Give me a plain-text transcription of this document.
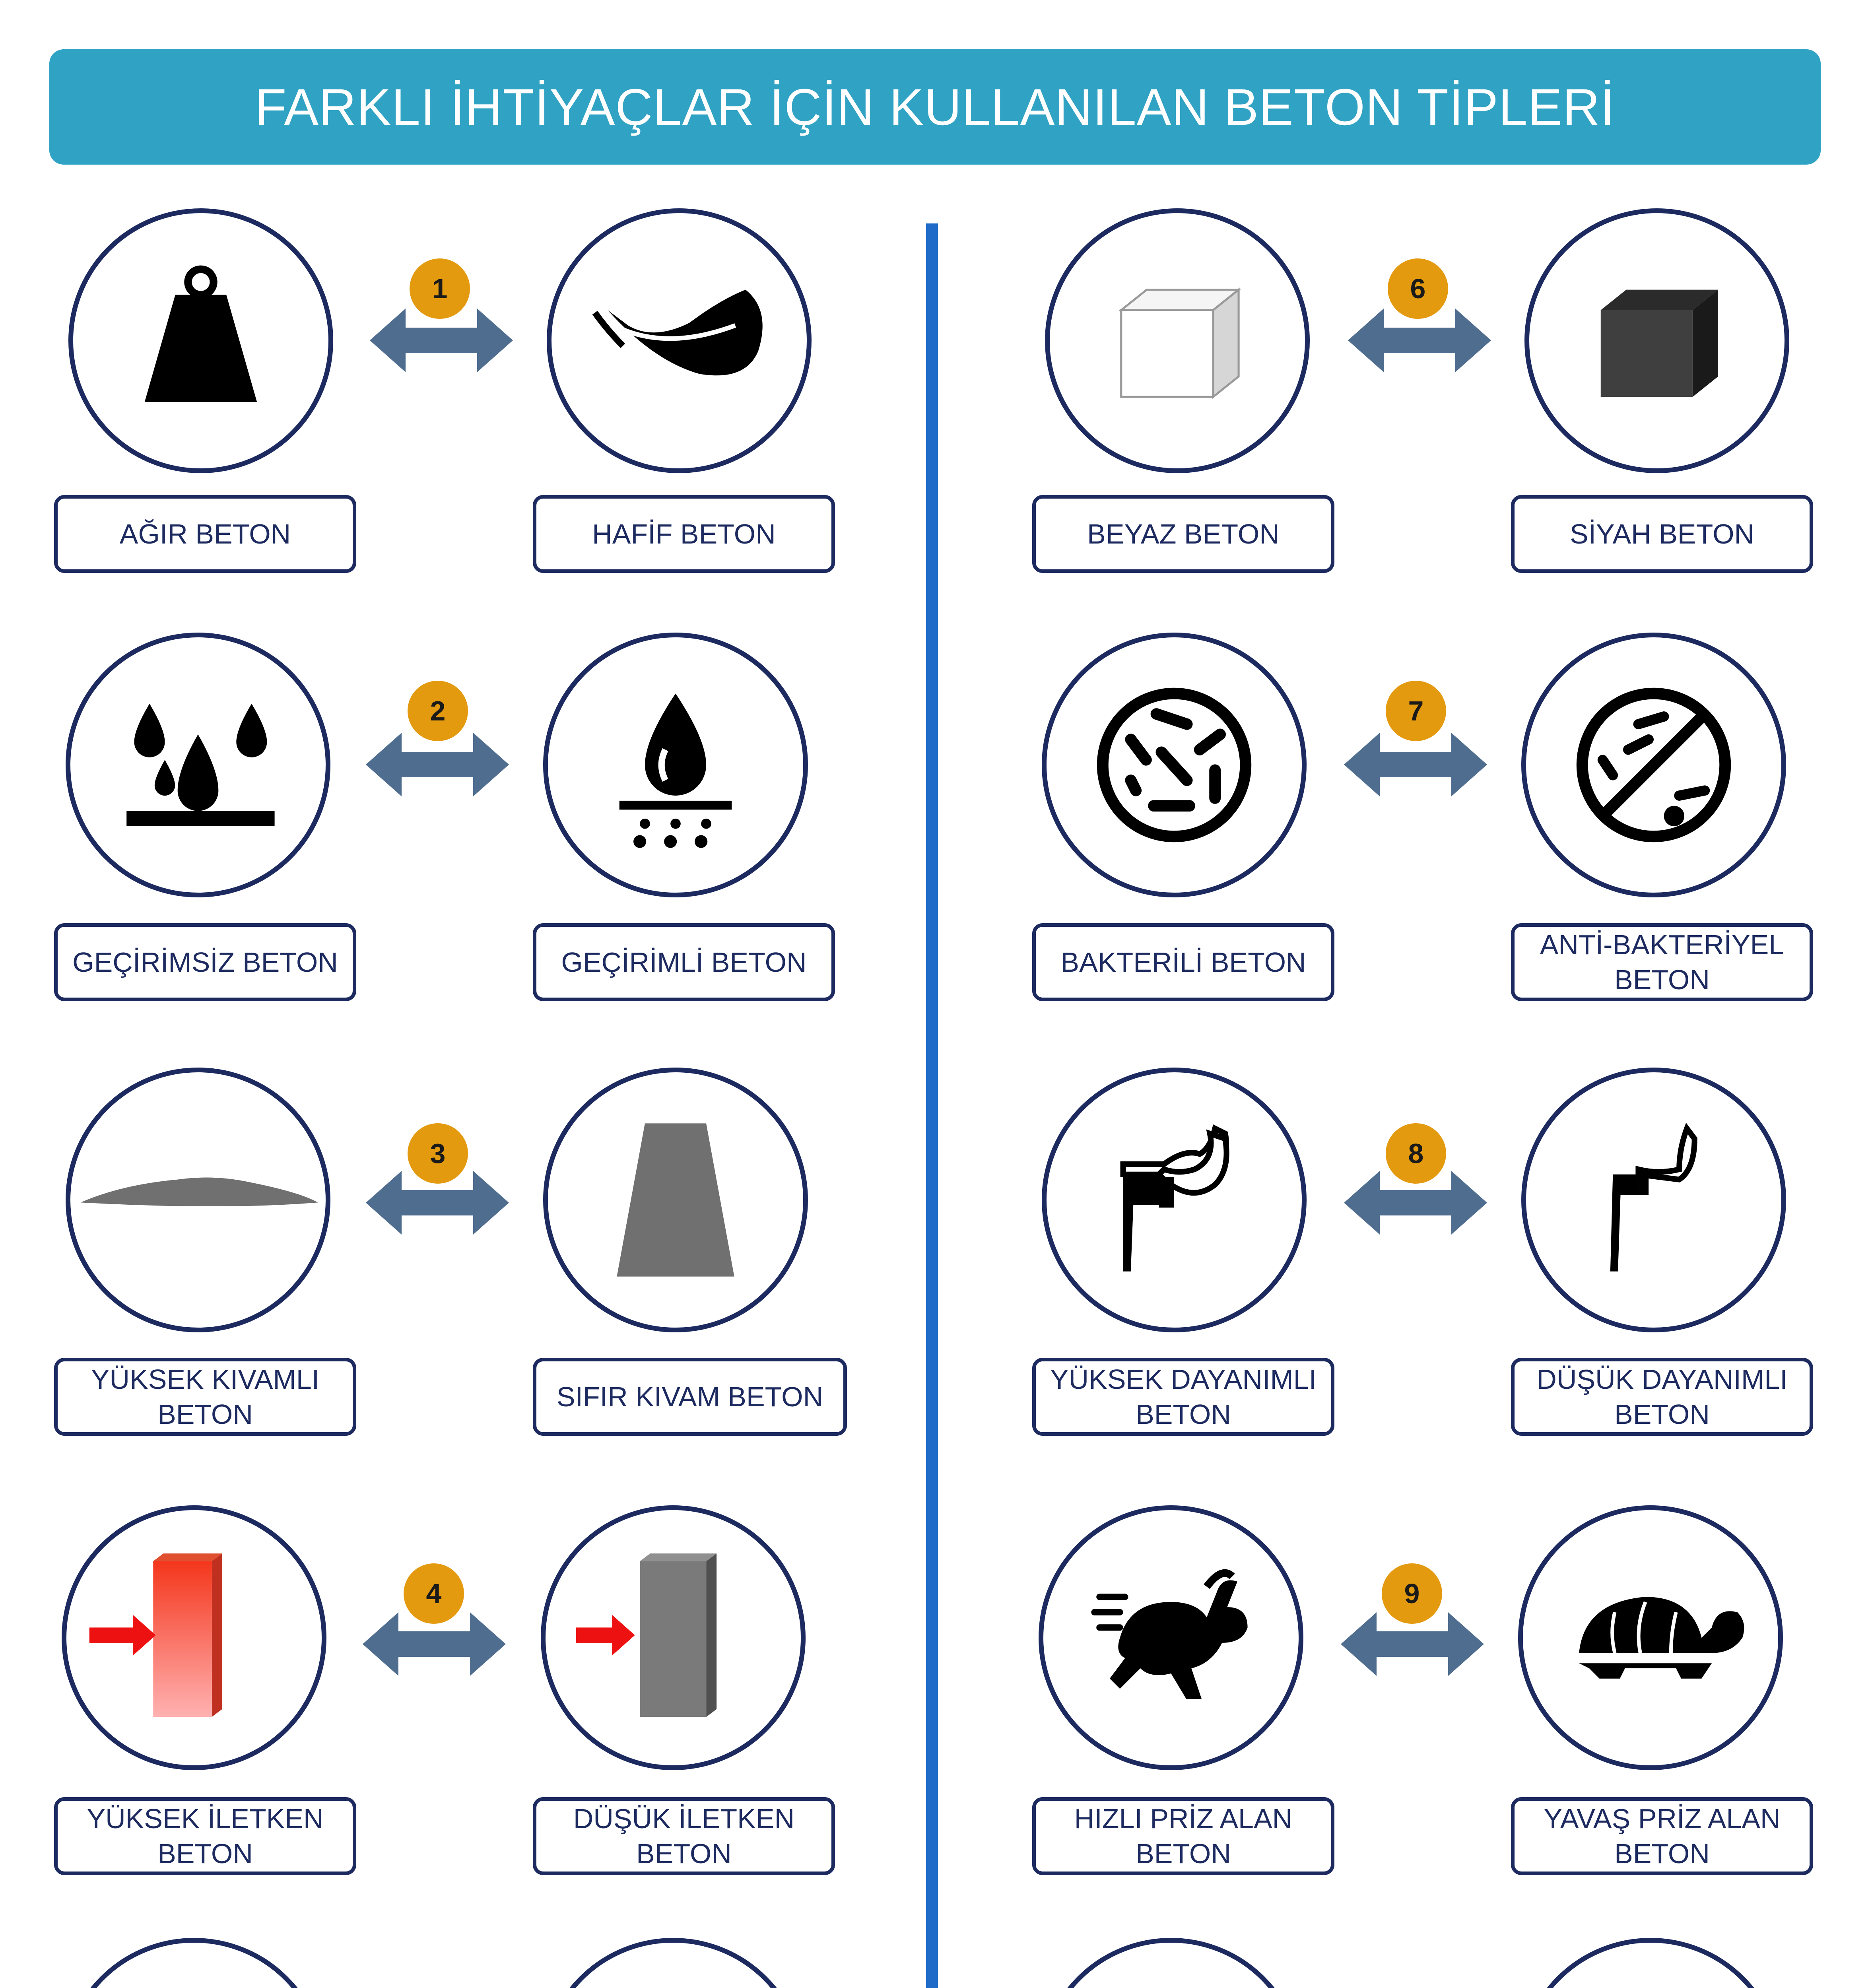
FARKLI İHTİYAÇLAR İÇİN KULLANILAN BETON TİPLERİ
1
AĞIR BETON	HAFİF BETON
2
GEÇİRİMSİZ BETON	GEÇİRİMLİ BETON
3
YÜKSEK KIVAMLI BETON
SIFIR KIVAM BETON
4
YÜKSEK İLETKEN BETON
DÜŞÜK İLETKEN BETON
6
BEYAZ BETON	SİYAH BETON
7
BAKTERİLİ BETON
ANTİ-BAKTERİYEL BETON
8
YÜKSEK DAYANIMLI BETON
DÜŞÜK DAYANIMLI BETON
9
HIZLI PRİZ ALAN BETON
YAVAŞ PRİZ ALAN BETON
